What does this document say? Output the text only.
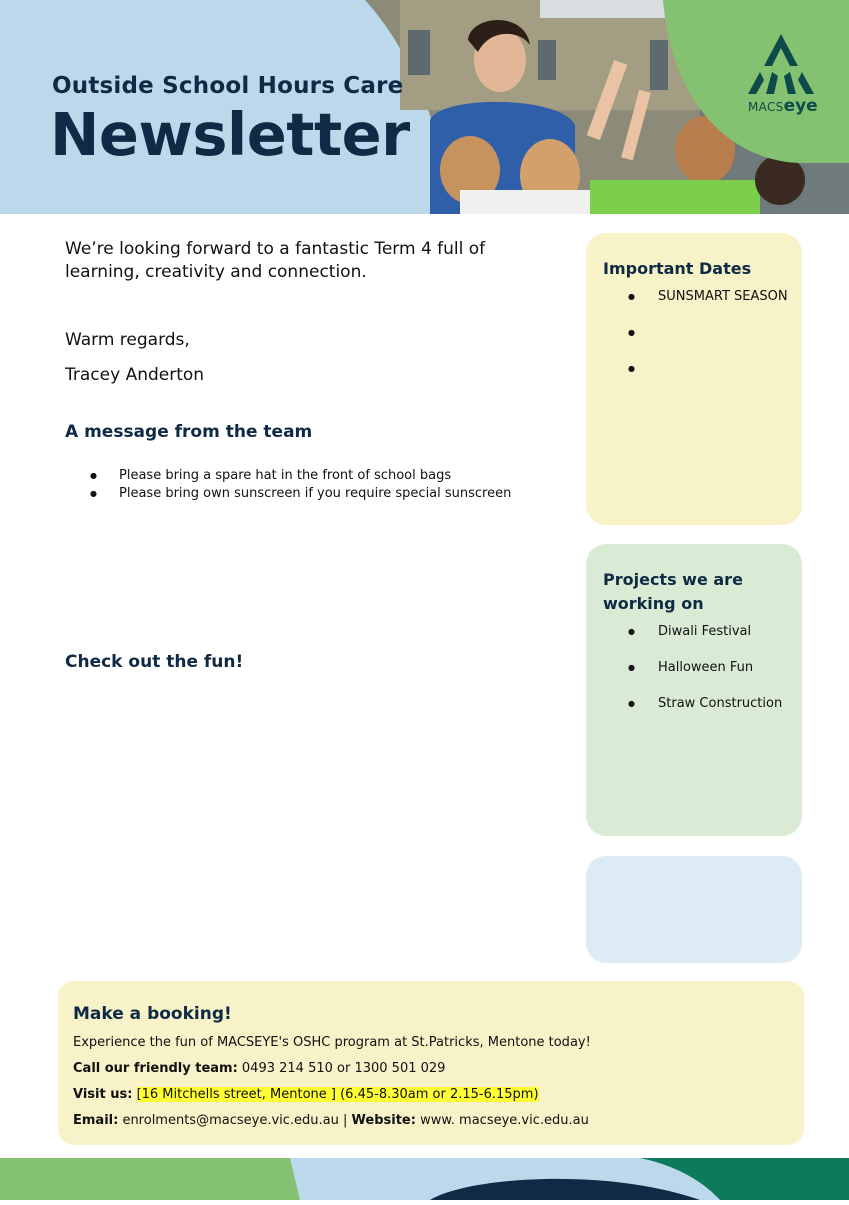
Outside School Hours Care
Newsletter	MACSeye
We’re looking forward to a fantastic Term 4 full of learning, creativity and connection.
Warm regards,
Tracey Anderton
A message from the team
● Please bring a spare hat in the front of school bags
● Please bring own sunscreen if you require special sunscreen
Check out the fun!
Important Dates
● SUNSMART SEASON
●
●
Projects we are working on
● Diwali Festival
● Halloween Fun
● Straw Construction
Make a booking!
Experience the fun of MACSEYE's OSHC program at St.Patricks, Mentone today!
Call our friendly team: 0493 214 510 or 1300 501 029
Visit us: [16 Mitchells street, Mentone ] (6.45-8.30am or 2.15-6.15pm)
Email: enrolments@macseye.vic.edu.au | Website: www. macseye.vic.edu.au
